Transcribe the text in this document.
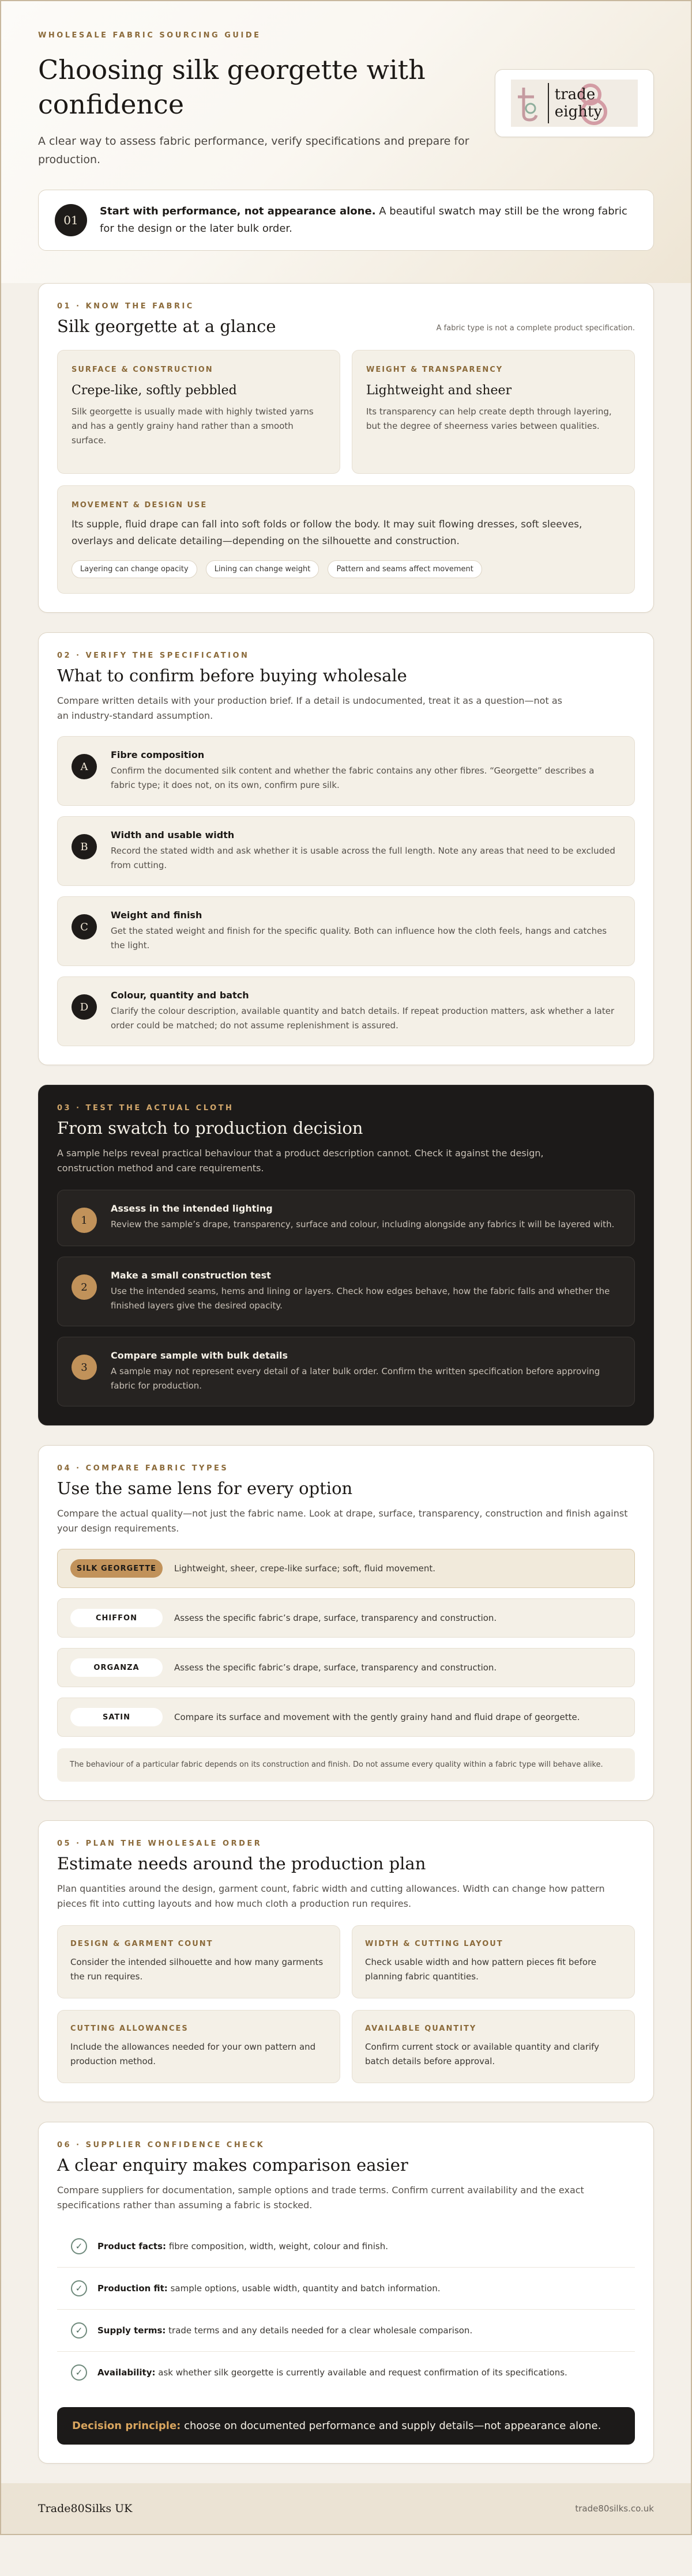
WHOLESALE FABRIC SOURCING GUIDE
Choosing silk georgette with confidence
A clear way to assess fabric performance, verify specifications and prepare for production.
trade eighty
01
Start with performance, not appearance alone. A beautiful swatch may still be the wrong fabric for the design or the later bulk order.
01 · KNOW THE FABRIC
Silk georgette at a glance	A fabric type is not a complete product specification.
SURFACE & CONSTRUCTION
Crepe-like, softly pebbled
Silk georgette is usually made with highly twisted yarns and has a gently grainy hand rather than a smooth surface.
WEIGHT & TRANSPARENCY
Lightweight and sheer
Its transparency can help create depth through layering, but the degree of sheerness varies between qualities.
MOVEMENT & DESIGN USE
Its supple, fluid drape can fall into soft folds or follow the body. It may suit flowing dresses, soft sleeves, overlays and delicate detailing—depending on the silhouette and construction.
Layering can change opacity	Lining can change weight	Pattern and seams affect movement
02 · VERIFY THE SPECIFICATION
What to confirm before buying wholesale
Compare written details with your production brief. If a detail is undocumented, treat it as a question—not as an industry-standard assumption.
A
Fibre composition
Confirm the documented silk content and whether the fabric contains any other fibres. “Georgette” describes a fabric type; it does not, on its own, confirm pure silk.
B
Width and usable width
Record the stated width and ask whether it is usable across the full length. Note any areas that need to be excluded from cutting.
C
Weight and finish
Get the stated weight and finish for the specific quality. Both can influence how the cloth feels, hangs and catches the light.
D
Colour, quantity and batch
Clarify the colour description, available quantity and batch details. If repeat production matters, ask whether a later order could be matched; do not assume replenishment is assured.
03 · TEST THE ACTUAL CLOTH
From swatch to production decision
A sample helps reveal practical behaviour that a product description cannot. Check it against the design, construction method and care requirements.
1
Assess in the intended lighting
Review the sample’s drape, transparency, surface and colour, including alongside any fabrics it will be layered with.
2
Make a small construction test
Use the intended seams, hems and lining or layers. Check how edges behave, how the fabric falls and whether the finished layers give the desired opacity.
3
Compare sample with bulk details
A sample may not represent every detail of a later bulk order. Confirm the written specification before approving fabric for production.
04 · COMPARE FABRIC TYPES
Use the same lens for every option
Compare the actual quality—not just the fabric name. Look at drape, surface, transparency, construction and finish against your design requirements.
SILK GEORGETTE	Lightweight, sheer, crepe-like surface; soft, fluid movement.
CHIFFON	Assess the specific fabric’s drape, surface, transparency and construction.
ORGANZA	Assess the specific fabric’s drape, surface, transparency and construction.
SATIN	Compare its surface and movement with the gently grainy hand and fluid drape of georgette.
The behaviour of a particular fabric depends on its construction and finish. Do not assume every quality within a fabric type will behave alike.
05 · PLAN THE WHOLESALE ORDER
Estimate needs around the production plan
Plan quantities around the design, garment count, fabric width and cutting allowances. Width can change how pattern pieces fit into cutting layouts and how much cloth a production run requires.
DESIGN & GARMENT COUNT
Consider the intended silhouette and how many garments the run requires.
WIDTH & CUTTING LAYOUT
Check usable width and how pattern pieces fit before planning fabric quantities.
CUTTING ALLOWANCES
Include the allowances needed for your own pattern and production method.
AVAILABLE QUANTITY
Confirm current stock or available quantity and clarify batch details before approval.
06 · SUPPLIER CONFIDENCE CHECK
A clear enquiry makes comparison easier
Compare suppliers for documentation, sample options and trade terms. Confirm current availability and the exact specifications rather than assuming a fabric is stocked.
✓	Product facts: fibre composition, width, weight, colour and finish.
✓	Production fit: sample options, usable width, quantity and batch information.
✓	Supply terms: trade terms and any details needed for a clear wholesale comparison.
✓	Availability: ask whether silk georgette is currently available and request confirmation of its specifications.
Decision principle: choose on documented performance and supply details—not appearance alone.
Trade80Silks UK	trade80silks.co.uk
